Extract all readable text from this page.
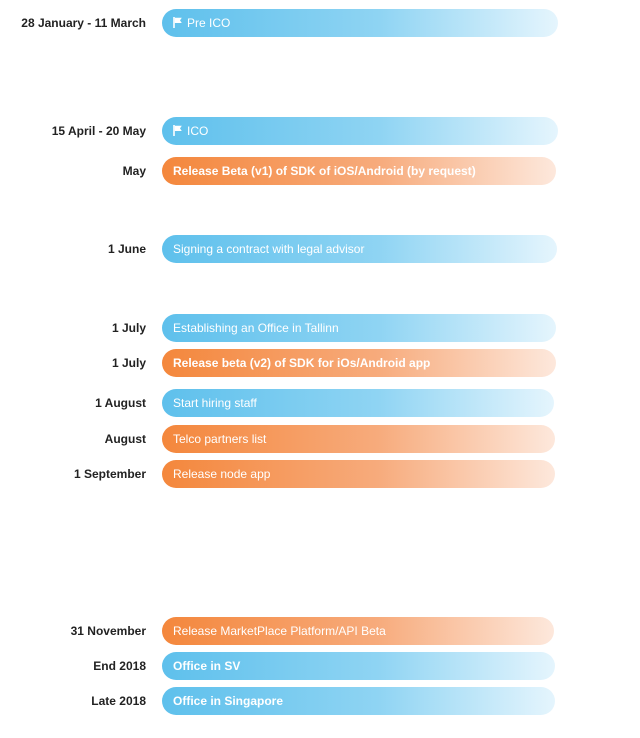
28 January - 11 March	Pre ICO
15 April - 20 May	ICO
May	Release Beta (v1) of SDK of iOS/Android (by request)
1 June	Signing a contract with legal advisor
1 July	Establishing an Office in Tallinn
1 July	Release beta (v2) of SDK for iOs/Android app
1 August	Start hiring staff
August	Telco partners list
1 September	Release node app
31 November	Release MarketPlace Platform/API Beta
End 2018	Office in SV
Late 2018	Office in Singapore
